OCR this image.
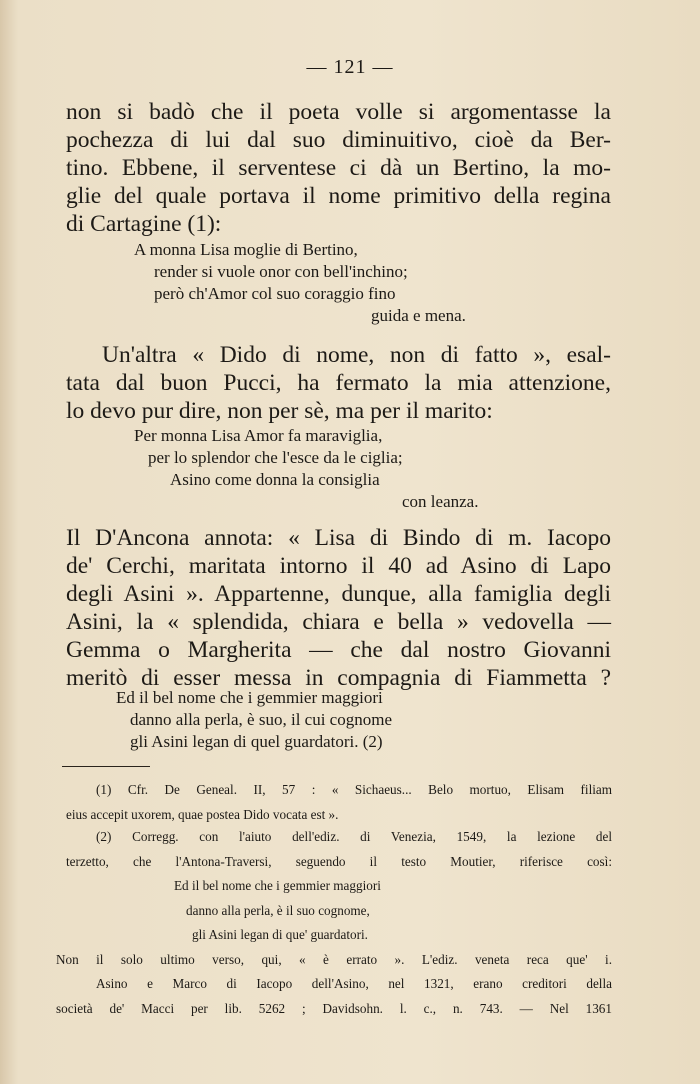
— 121 —
non si badò che il poeta volle si argomentasse la
pochezza di lui dal suo diminuitivo, cioè da Ber-
tino. Ebbene, il serventese ci dà un Bertino, la mo-
glie del quale portava il nome primitivo della regina
di Cartagine (1):
A monna Lisa moglie di Bertino,
render si vuole onor con bell'inchino;
però ch'Amor col suo coraggio fino
guida e mena.
Un'altra « Dido di nome, non di fatto », esal-
tata dal buon Pucci, ha fermato la mia attenzione,
lo devo pur dire, non per sè, ma per il marito:
Per monna Lisa Amor fa maraviglia,
per lo splendor che l'esce da le ciglia;
Asino come donna la consiglia
con leanza.
Il D'Ancona annota: « Lisa di Bindo di m. Iacopo
de' Cerchi, maritata intorno il 40 ad Asino di Lapo
degli Asini ». Appartenne, dunque, alla famiglia degli
Asini, la « splendida, chiara e bella » vedovella —
Gemma o Margherita — che dal nostro Giovanni
meritò di esser messa in compagnia di Fiammetta ?
Ed il bel nome che i gemmier maggiori
danno alla perla, è suo, il cui cognome
gli Asini legan di quel guardatori. (2)
(1) Cfr. De Geneal. II, 57 : « Sichaeus... Belo mortuo, Elisam filiam
eius accepit uxorem, quae postea Dido vocata est ».
(2) Corregg. con l'aiuto dell'ediz. di Venezia, 1549, la lezione del
terzetto, che l'Antona-Traversi, seguendo il testo Moutier, riferisce così:
Ed il bel nome che i gemmier maggiori
danno alla perla, è il suo cognome,
gli Asini legan di que' guardatori.
Non il solo ultimo verso, qui, « è errato ». L'ediz. veneta reca que' i.
Asino e Marco di Iacopo dell'Asino, nel 1321, erano creditori della
società de' Macci per lib. 5262 ; Davidsohn. l. c., n. 743. — Nel 1361
